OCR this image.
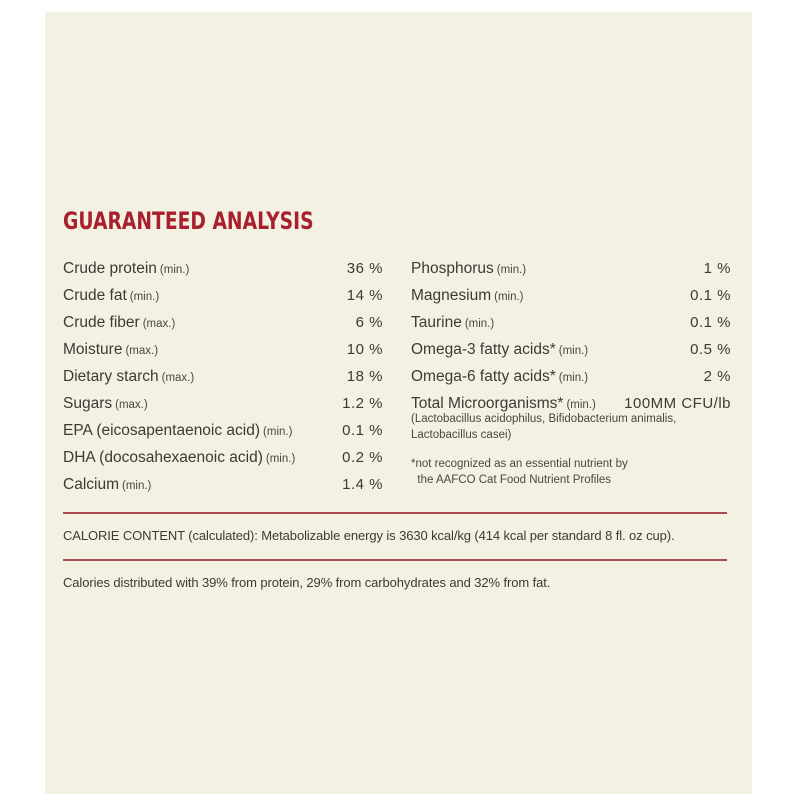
GUARANTEED ANALYSIS
Crude protein (min.)	36 %
Crude fat (min.)	14 %
Crude fiber (max.)	6 %
Moisture (max.)	10 %
Dietary starch (max.)	18 %
Sugars (max.)	1.2 %
EPA (eicosapentaenoic acid) (min.)	0.1 %
DHA (docosahexaenoic acid) (min.)	0.2 %
Calcium (min.)	1.4 %
Phosphorus (min.)	1 %
Magnesium (min.)	0.1 %
Taurine (min.)	0.1 %
Omega-3 fatty acids* (min.)	0.5 %
Omega-6 fatty acids* (min.)	2 %
Total Microorganisms* (min.) 100MM CFU/lb

(Lactobacillus acidophilus, Bifidobacterium animalis,
Lactobacillus casei)

*not recognized as an essential nutrient by
the AAFCO Cat Food Nutrient Profiles

CALORIE CONTENT (calculated): Metabolizable energy is 3630 kcal/kg (414 kcal per standard 8 fl. oz cup).

Calories distributed with 39% from protein, 29% from carbohydrates and 32% from fat.
